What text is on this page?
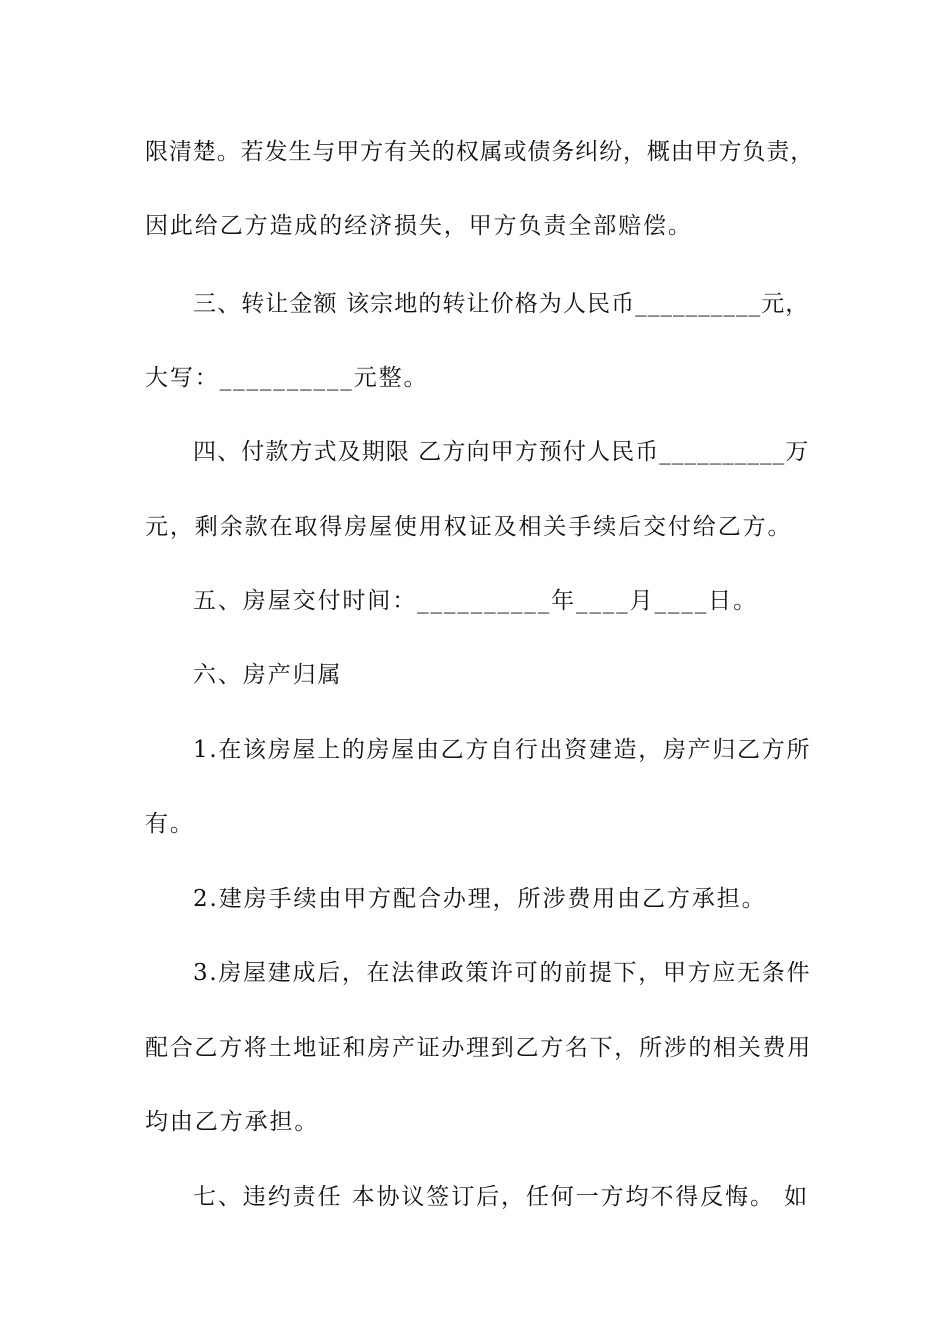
限清楚。若发生与甲方有关的权属或债务纠纷，概由甲方负责，
因此给乙方造成的经济损失，甲方负责全部赔偿。
三、转让金额 该宗地的转让价格为人民币__________元，
大写：__________元整。
四、付款方式及期限 乙方向甲方预付人民币__________万
元，剩余款在取得房屋使用权证及相关手续后交付给乙方。
五、房屋交付时间：__________年____月____日。
六、房产归属
1.在该房屋上的房屋由乙方自行出资建造，房产归乙方所
有。
2.建房手续由甲方配合办理，所涉费用由乙方承担。
3.房屋建成后，在法律政策许可的前提下，甲方应无条件
配合乙方将土地证和房产证办理到乙方名下，所涉的相关费用
均由乙方承担。
七、违约责任 本协议签订后，任何一方均不得反悔。 如
